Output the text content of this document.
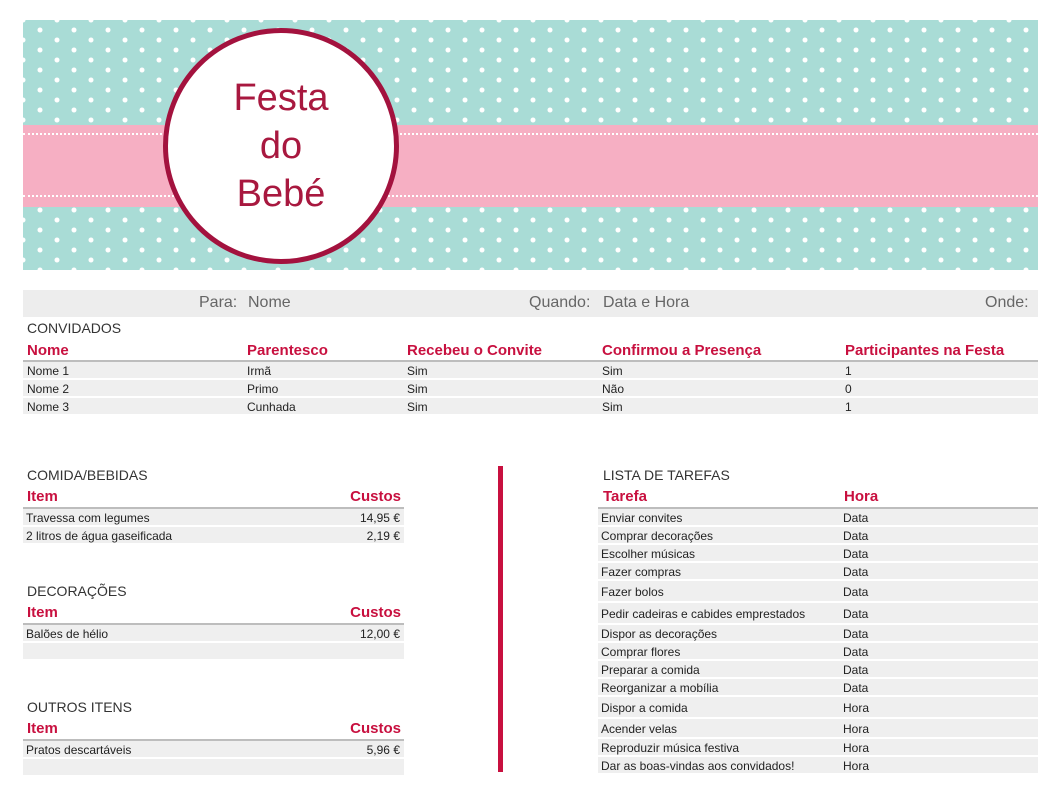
Festa
do
Bebé
Para: Nome	Quando: Data e Hora	Onde:
CONVIDADOS
Nome	Parentesco	Recebeu o Convite	Confirmou a Presença	Participantes na Festa
Nome 1	Irmã	Sim	Sim	1
Nome 2	Primo	Sim	Não	0
Nome 3	Cunhada	Sim	Sim	1
COMIDA/BEBIDAS
Item	Custos
Travessa com legumes	14,95 €
2 litros de água gaseificada	2,19 €
DECORAÇÕES
Item	Custos
Balões de hélio	12,00 €
OUTROS ITENS
Item	Custos
Pratos descartáveis	5,96 €
LISTA DE TAREFAS
Tarefa	Hora
Enviar convites	Data
Comprar decorações	Data
Escolher músicas	Data
Fazer compras	Data
Fazer bolos	Data
Pedir cadeiras e cabides emprestados	Data
Dispor as decorações	Data
Comprar flores	Data
Preparar a comida	Data
Reorganizar a mobília	Data
Dispor a comida	Hora
Acender velas	Hora
Reproduzir música festiva	Hora
Dar as boas-vindas aos convidados!	Hora
